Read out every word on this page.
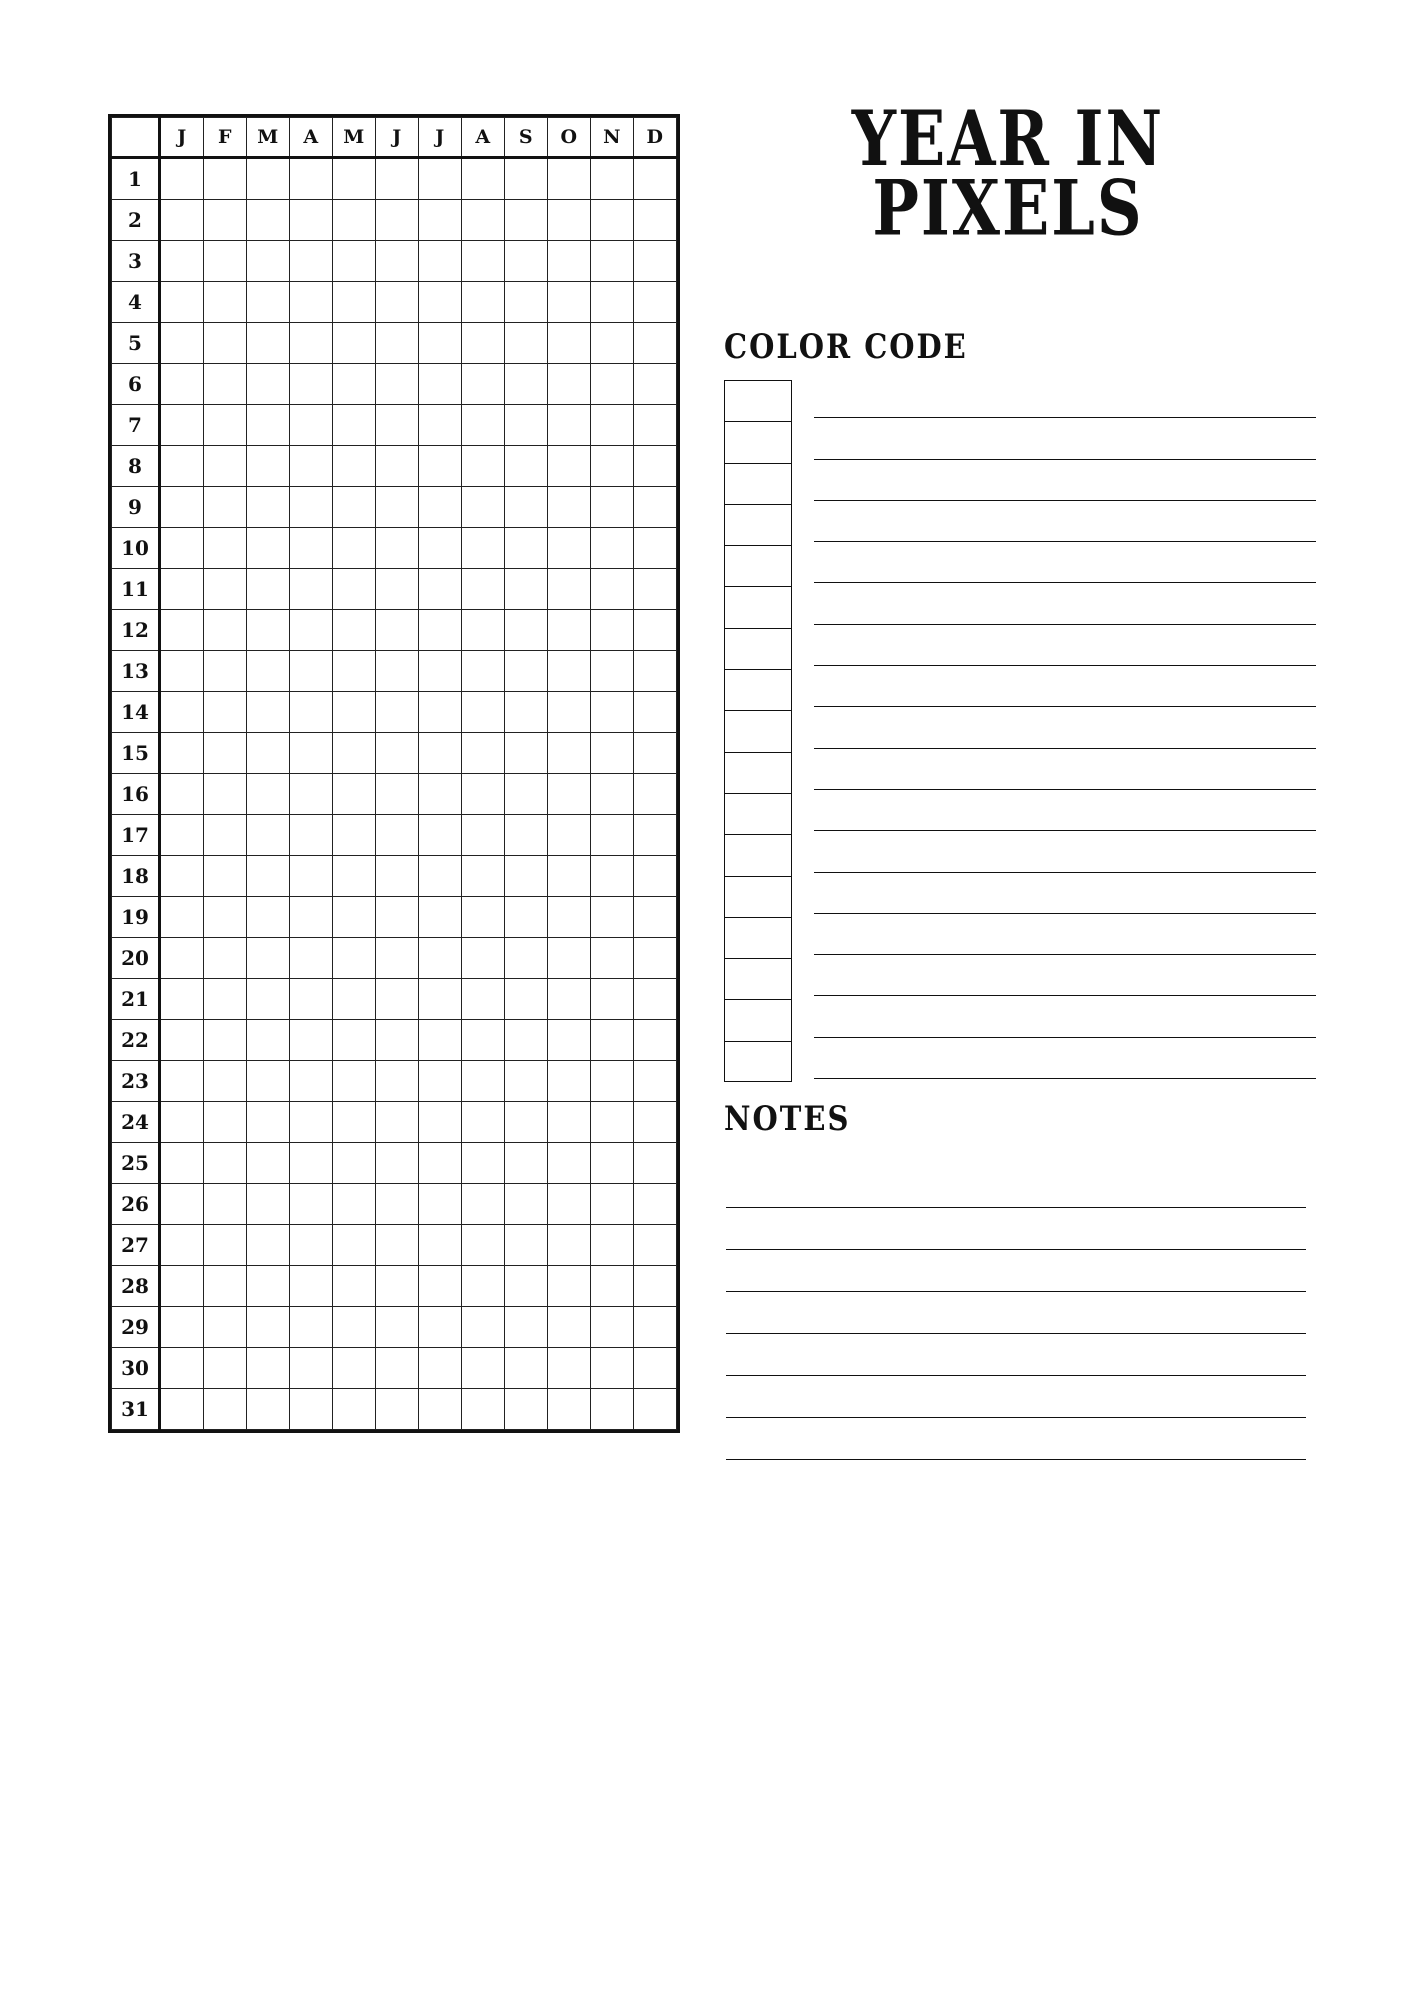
	J	F	M	A	M	J	J	A	S	O	N	D
1												
2												
3												
4												
5												
6												
7												
8												
9												
10												
11												
12												
13												
14												
15												
16												
17												
18												
19												
20												
21												
22												
23												
24												
25												
26												
27												
28												
29												
30												
31												
YEAR IN
PIXELS
COLOR CODE
NOTES
